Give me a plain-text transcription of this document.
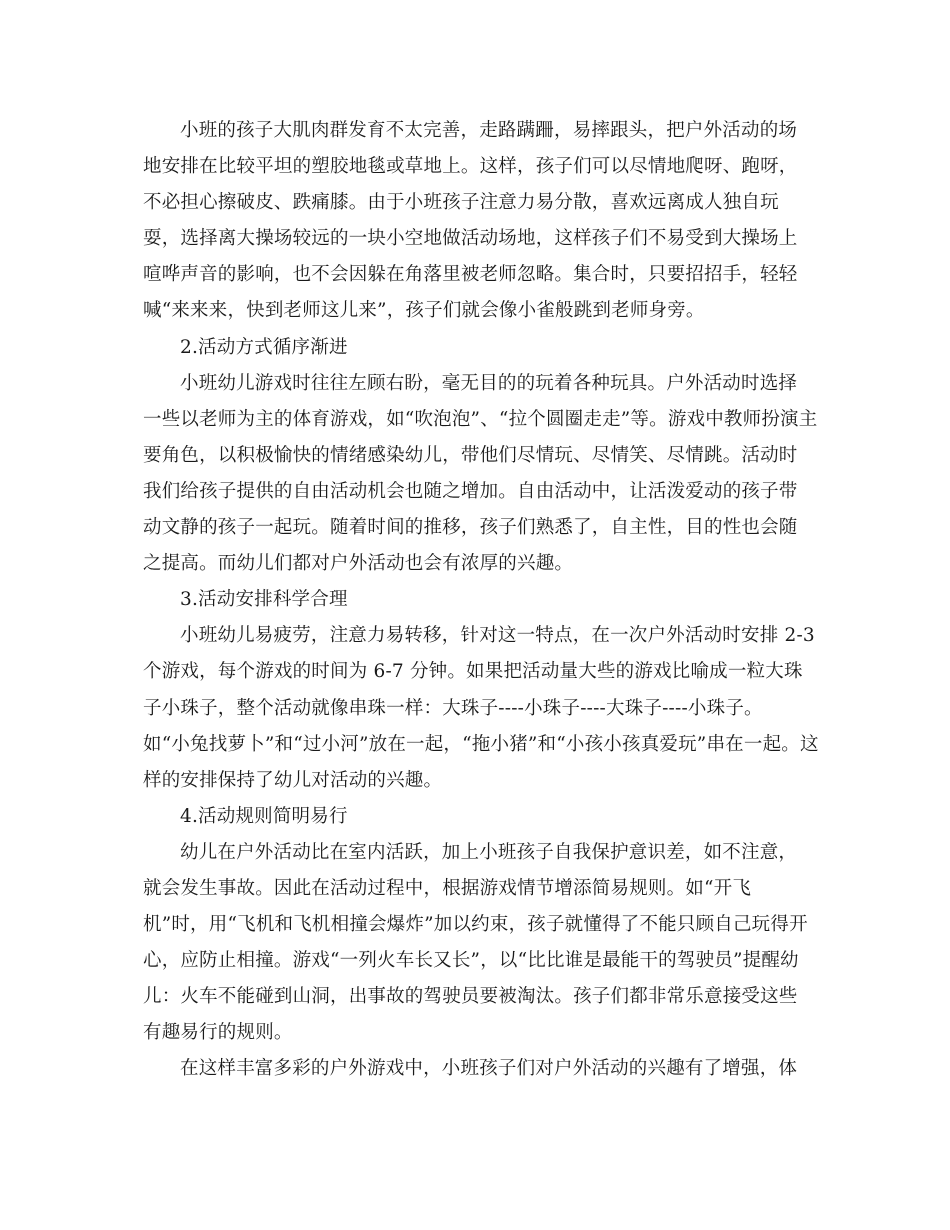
小班的孩子大肌肉群发育不太完善，走路蹒跚，易摔跟头，把户外活动的场
地安排在比较平坦的塑胶地毯或草地上。这样，孩子们可以尽情地爬呀、跑呀，
不必担心擦破皮、跌痛膝。由于小班孩子注意力易分散，喜欢远离成人独自玩
耍，选择离大操场较远的一块小空地做活动场地，这样孩子们不易受到大操场上
喧哗声音的影响，也不会因躲在角落里被老师忽略。集合时，只要招招手，轻轻
喊“来来来，快到老师这儿来”，孩子们就会像小雀般跳到老师身旁。
2.活动方式循序渐进
小班幼儿游戏时往往左顾右盼，毫无目的的玩着各种玩具。户外活动时选择
一些以老师为主的体育游戏，如“吹泡泡”、“拉个圆圈走走”等。游戏中教师扮演主
要角色，以积极愉快的情绪感染幼儿，带他们尽情玩、尽情笑、尽情跳。活动时
我们给孩子提供的自由活动机会也随之增加。自由活动中，让活泼爱动的孩子带
动文静的孩子一起玩。随着时间的推移，孩子们熟悉了，自主性，目的性也会随
之提高。而幼儿们都对户外活动也会有浓厚的兴趣。
3.活动安排科学合理
小班幼儿易疲劳，注意力易转移，针对这一特点，在一次户外活动时安排 2-3
个游戏，每个游戏的时间为 6-7 分钟。如果把活动量大些的游戏比喻成一粒大珠
子小珠子，整个活动就像串珠一样：大珠子----小珠子----大珠子----小珠子。
如“小兔找萝卜”和“过小河”放在一起，“拖小猪”和“小孩小孩真爱玩”串在一起。这
样的安排保持了幼儿对活动的兴趣。
4.活动规则简明易行
幼儿在户外活动比在室内活跃，加上小班孩子自我保护意识差，如不注意，
就会发生事故。因此在活动过程中，根据游戏情节增添简易规则。如“开飞
机”时，用“飞机和飞机相撞会爆炸”加以约束，孩子就懂得了不能只顾自己玩得开
心，应防止相撞。游戏“一列火车长又长”，以“比比谁是最能干的驾驶员”提醒幼
儿：火车不能碰到山洞，出事故的驾驶员要被淘汰。孩子们都非常乐意接受这些
有趣易行的规则。
在这样丰富多彩的户外游戏中，小班孩子们对户外活动的兴趣有了增强，体
